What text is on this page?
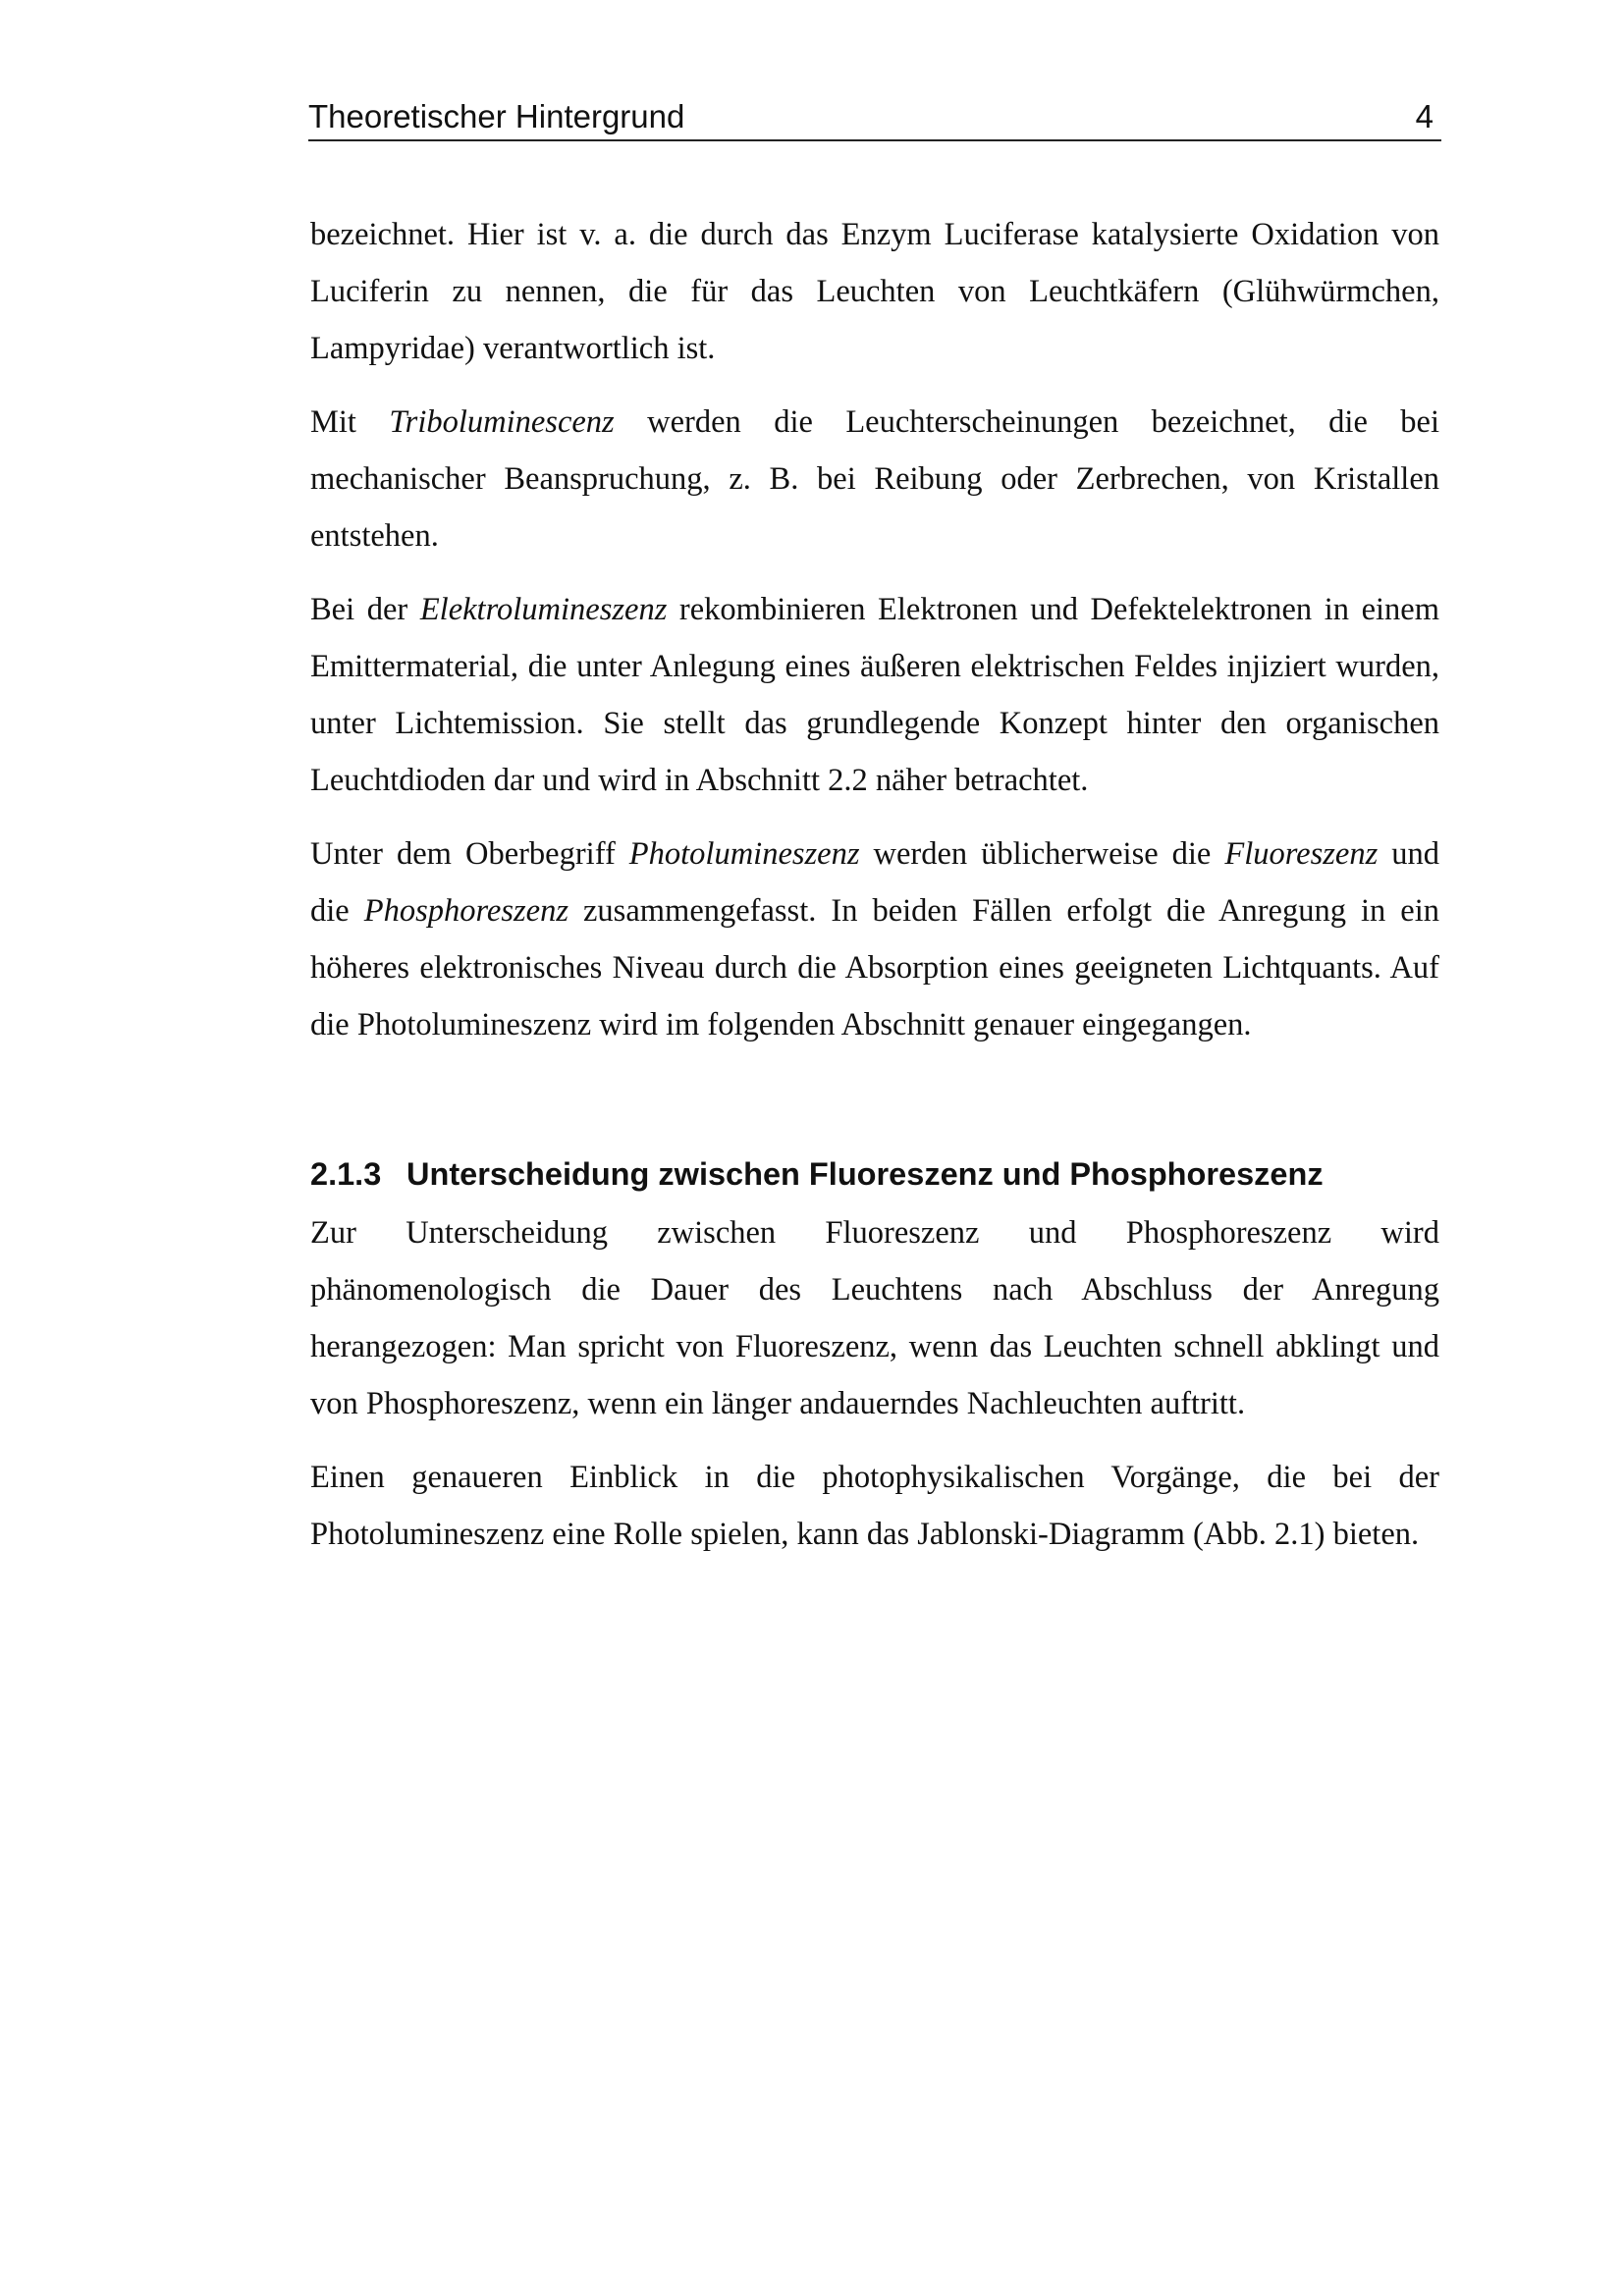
Theoretischer Hintergrund	4

bezeichnet. Hier ist v. a. die durch das Enzym Luciferase katalysierte Oxidation von Luciferin zu nennen, die für das Leuchten von Leuchtkäfern (Glühwürmchen, Lampyridae) verantwortlich ist.

Mit Triboluminescenz werden die Leuchterscheinungen bezeichnet, die bei mechanischer Beanspruchung, z. B. bei Reibung oder Zerbrechen, von Kristallen entstehen.

Bei der Elektrolumineszenz rekombinieren Elektronen und Defektelektronen in einem Emittermaterial, die unter Anlegung eines äußeren elektrischen Feldes injiziert wurden, unter Lichtemission. Sie stellt das grundlegende Konzept hinter den organischen Leuchtdioden dar und wird in Abschnitt 2.2 näher betrachtet.

Unter dem Oberbegriff Photolumineszenz werden üblicherweise die Fluoreszenz und die Phosphoreszenz zusammengefasst. In beiden Fällen erfolgt die Anregung in ein höheres elektronisches Niveau durch die Absorption eines geeigneten Lichtquants. Auf die Photolumineszenz wird im folgenden Abschnitt genauer eingegangen.

2.1.3 Unterscheidung zwischen Fluoreszenz und Phosphoreszenz

Zur Unterscheidung zwischen Fluoreszenz und Phosphoreszenz wird phänomenologisch die Dauer des Leuchtens nach Abschluss der Anregung herangezogen: Man spricht von Fluoreszenz, wenn das Leuchten schnell abklingt und von Phosphoreszenz, wenn ein länger andauerndes Nachleuchten auftritt.

Einen genaueren Einblick in die photophysikalischen Vorgänge, die bei der Photolumineszenz eine Rolle spielen, kann das Jablonski-Diagramm (Abb. 2.1) bieten.
